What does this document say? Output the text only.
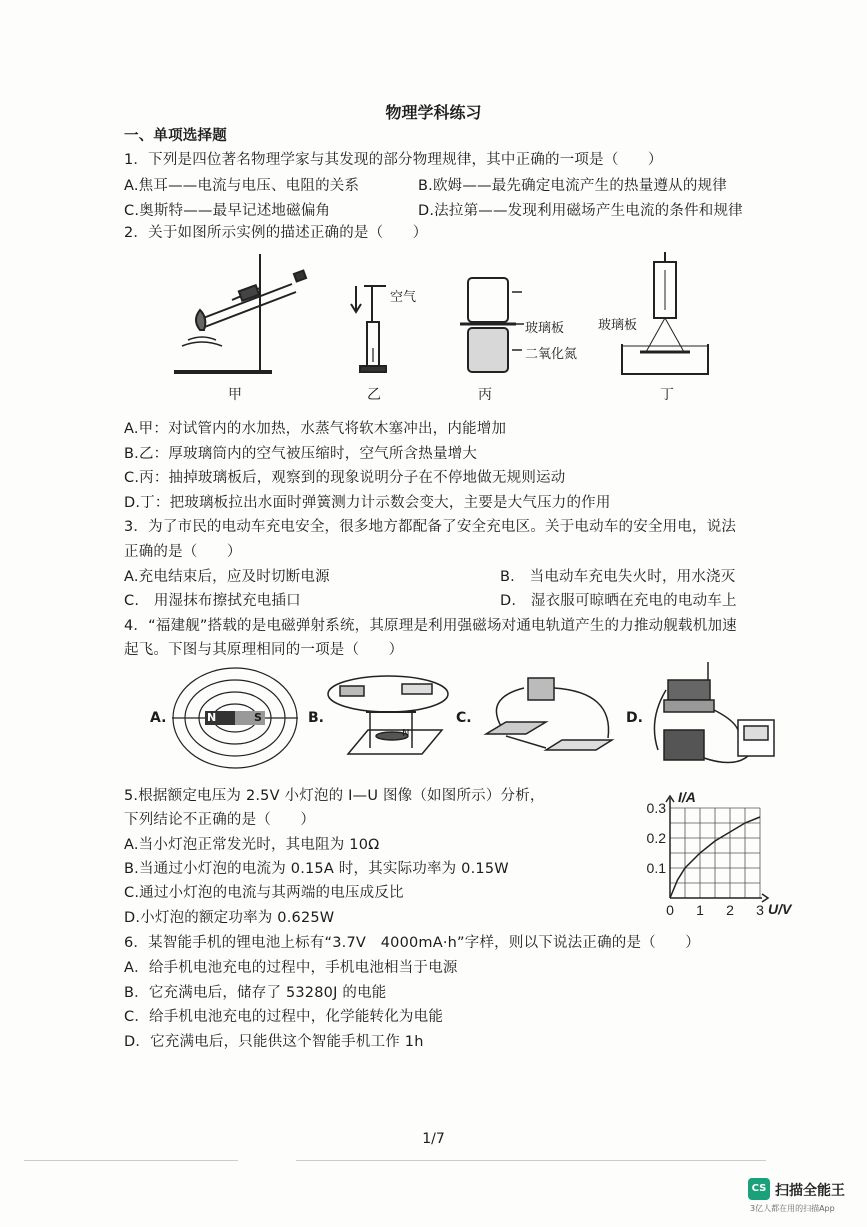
物理学科练习
一、单项选择题
1．下列是四位著名物理学家与其发现的部分物理规律，其中正确的一项是（　　）
A.焦耳——电流与电压、电阻的关系	B.欧姆——最先确定电流产生的热量遵从的规律
C.奥斯特——最早记述地磁偏角	D.法拉第——发现利用磁场产生电流的条件和规律
2．关于如图所示实例的描述正确的是（　　）
空气
玻璃板
二氧化氮
玻璃板
甲	乙	丙	丁
A.甲：对试管内的水加热，水蒸气将软木塞冲出，内能增加
B.乙：厚玻璃筒内的空气被压缩时，空气所含热量增大
C.丙：抽掉玻璃板后，观察到的现象说明分子在不停地做无规则运动
D.丁：把玻璃板拉出水面时弹簧测力计示数会变大，主要是大气压力的作用
3．为了市民的电动车充电安全，很多地方都配备了安全充电区。关于电动车的安全用电，说法
正确的是（　　）
A.充电结束后，应及时切断电源	B.　当电动车充电失火时，用水浇灭
C.　用湿抹布擦拭充电插口	D.　湿衣服可晾晒在充电的电动车上
4．“福建舰”搭载的是电磁弹射系统，其原理是利用强磁场对通电轨道产生的力推动舰载机加速
起飞。下图与其原理相同的一项是（　　）
A.	B.	C.	D.
N	S
N
5.根据额定电压为 2.5V 小灯泡的 I—U 图像（如图所示）分析，
下列结论不正确的是（　　）
A.当小灯泡正常发光时，其电阻为 10Ω
B.当通过小灯泡的电流为 0.15A 时，其实际功率为 0.15W
C.通过小灯泡的电流与其两端的电压成反比
D.小灯泡的额定功率为 0.625W	0 1 2 3
0.1
0.2
0.3
I/A
U/V
6．某智能手机的锂电池上标有“3.7V　4000mA·h”字样，则以下说法正确的是（　　）
A．给手机电池充电的过程中，手机电池相当于电源
B．它充满电后，储存了 53280J 的电能
C．给手机电池充电的过程中，化学能转化为电能
D．它充满电后，只能供这个智能手机工作 1h
1/7
CS 扫描全能王
3亿人都在用的扫描App
